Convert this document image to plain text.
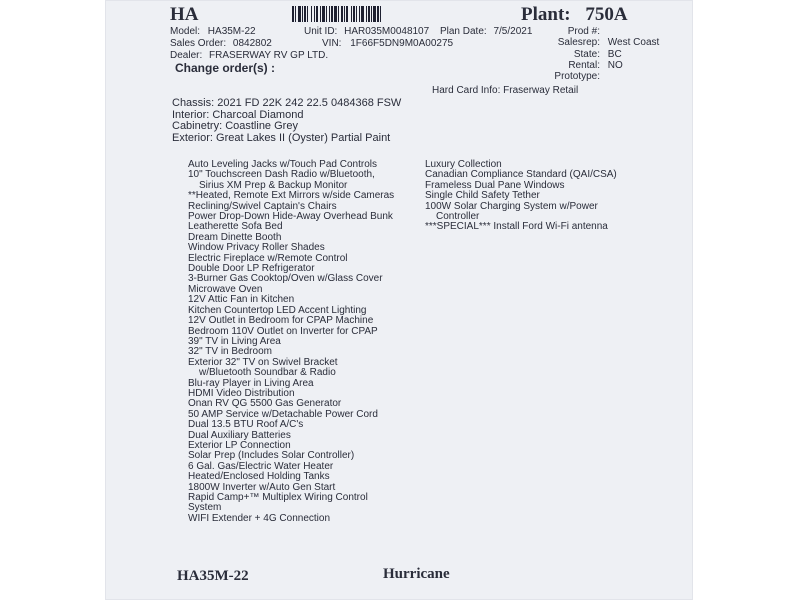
HA	Plant: 750A
Model: HA35M-22
Sales Order: 0842802
Dealer: FRASERWAY RV GP LTD.
Change order(s) :
Unit ID: HAR035M0048107 Plan Date: 7/5/2021
VIN: 1F66F5DN9M0A00275
Prod #:
Salesrep: West Coast
State: BC
Rental: NO
Prototype:
Hard Card Info: Fraserway Retail
Chassis: 2021 FD 22K 242 22.5 0484368 FSW
Interior: Charcoal Diamond
Cabinetry: Coastline Grey
Exterior: Great Lakes II (Oyster) Partial Paint
Auto Leveling Jacks w/Touch Pad Controls
10" Touchscreen Dash Radio w/Bluetooth,
Sirius XM Prep & Backup Monitor
**Heated, Remote Ext Mirrors w/side Cameras
Reclining/Swivel Captain's Chairs
Power Drop-Down Hide-Away Overhead Bunk
Leatherette Sofa Bed
Dream Dinette Booth
Window Privacy Roller Shades
Electric Fireplace w/Remote Control
Double Door LP Refrigerator
3-Burner Gas Cooktop/Oven w/Glass Cover
Microwave Oven
12V Attic Fan in Kitchen
Kitchen Countertop LED Accent Lighting
12V Outlet in Bedroom for CPAP Machine
Bedroom 110V Outlet on Inverter for CPAP
39" TV in Living Area
32" TV in Bedroom
Exterior 32" TV on Swivel Bracket
w/Bluetooth Soundbar & Radio
Blu-ray Player in Living Area
HDMI Video Distribution
Onan RV QG 5500 Gas Generator
50 AMP Service w/Detachable Power Cord
Dual 13.5 BTU Roof A/C's
Dual Auxiliary Batteries
Exterior LP Connection
Solar Prep (Includes Solar Controller)
6 Gal. Gas/Electric Water Heater
Heated/Enclosed Holding Tanks
1800W Inverter w/Auto Gen Start
Rapid Camp+™ Multiplex Wiring Control
System
WIFI Extender + 4G Connection
Luxury Collection
Canadian Compliance Standard (QAI/CSA)
Frameless Dual Pane Windows
Single Child Safety Tether
100W Solar Charging System w/Power
Controller
***SPECIAL*** Install Ford Wi-Fi antenna
HA35M-22	Hurricane
